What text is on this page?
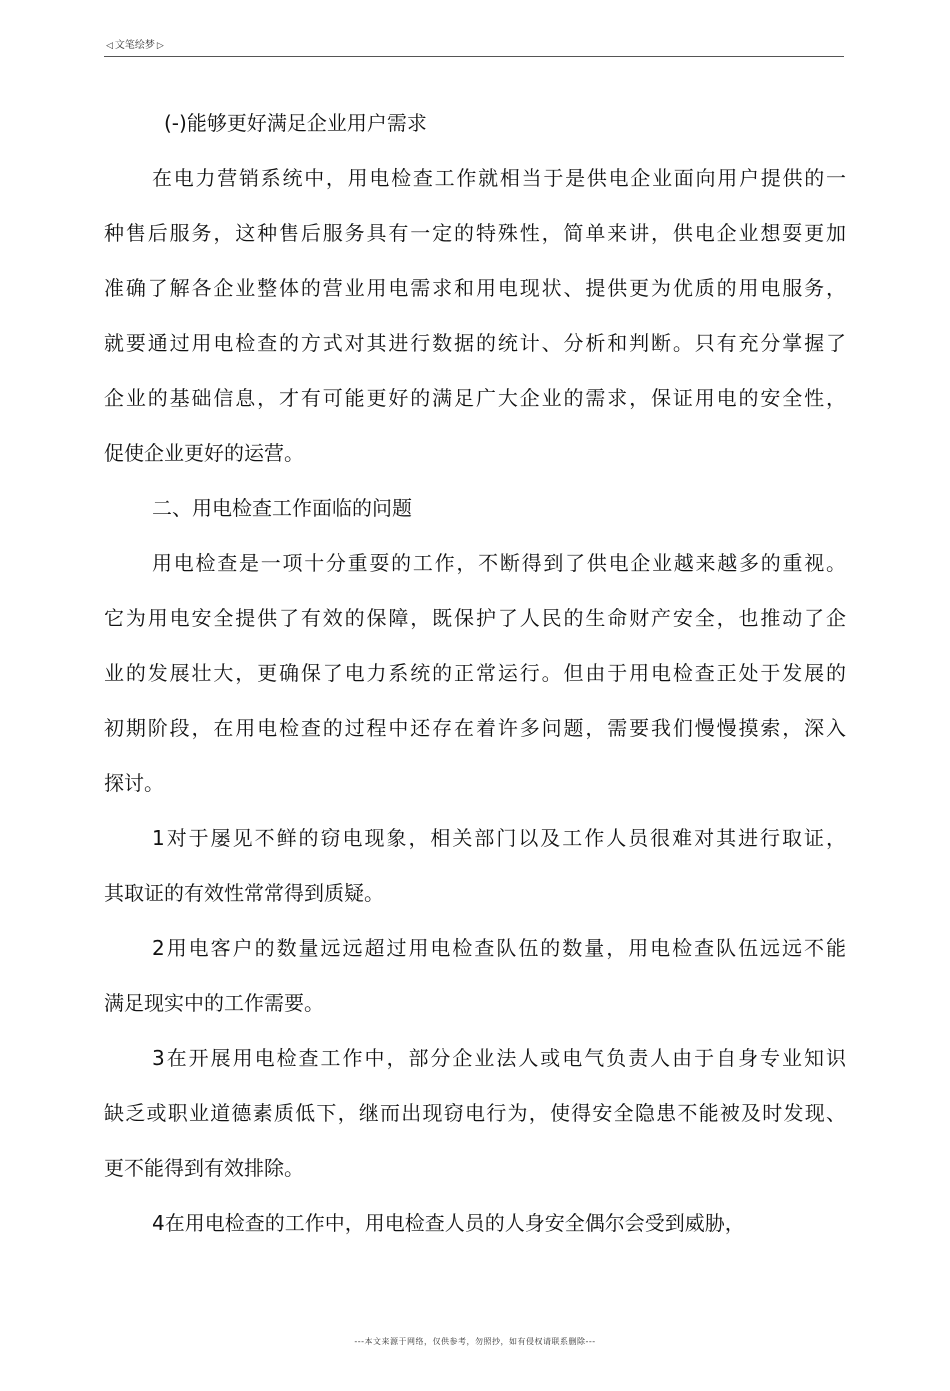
◁ 文笔绘梦 ▷
(-)能够更好满足企业用户需求
在电力营销系统中，用电检查工作就相当于是供电企业面向用户提供的一
种售后服务，这种售后服务具有一定的特殊性，简单来讲，供电企业想耍更加
准确了解各企业整体的营业用电需求和用电现状、提供更为优质的用电服务，
就要通过用电检查的方式对其进行数据的统计、分析和判断。只有充分掌握了
企业的基础信息，才有可能更好的满足广大企业的需求，保证用电的安全性，
促使企业更好的运营。
二、用电检查工作面临的问题
用电检查是一项十分重耍的工作，不断得到了供电企业越来越多的重视。
它为用电安全提供了有效的保障，既保护了人民的生命财产安全，也推动了企
业的发展壮大，更确保了电力系统的正常运行。但由于用电检查正处于发展的
初期阶段，在用电检查的过程中还存在着许多问题，需要我们慢慢摸索，深入
探讨。
1对于屡见不鲜的窃电现象，相关部门以及工作人员很难对其进行取证，
其取证的有效性常常得到质疑。
2用电客户的数量远远超过用电检查队伍的数量，用电检查队伍远远不能
满足现实中的工作需要。
3在开展用电检查工作中，部分企业法人或电气负责人由于自身专业知识
缺乏或职业道德素质低下，继而出现窃电行为，使得安全隐患不能被及时发现、
更不能得到有效排除。
4在用电检查的工作中，用电检查人员的人身安全偶尔会受到威胁，
---本文来源于网络，仅供参考，勿照抄，如有侵权请联系删除---
